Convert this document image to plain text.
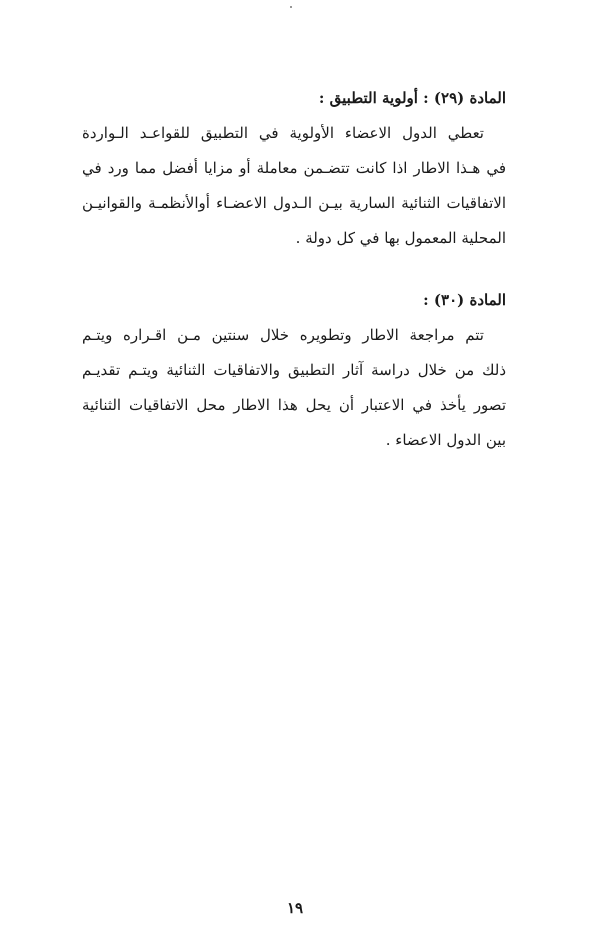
المادة (٢٩) : أولوية التطبيق :

تعطي الدول الاعضاء الأولوية في التطبيق للقواعـد الـواردة
في هـذا الاطار اذا كانت تتضـمن معاملة أو مزايا أفضل مما ورد في
الاتفاقيات الثنائية السارية بيـن الـدول الاعضـاء أوالأنظمـة والقوانيـن
المحلية المعمول بها في كل دولة .

المادة (٣٠) :

تتم مراجعة الاطار وتطويره خلال سنتين مـن اقـراره ويتـم
ذلك من خلال دراسة آثار التطبيق والاتفاقيات الثنائية ويتـم تقديـم
تصور يأخذ في الاعتبار أن يحل هذا الاطار محل الاتفاقيات الثنائية
بين الدول الاعضاء .

١٩
